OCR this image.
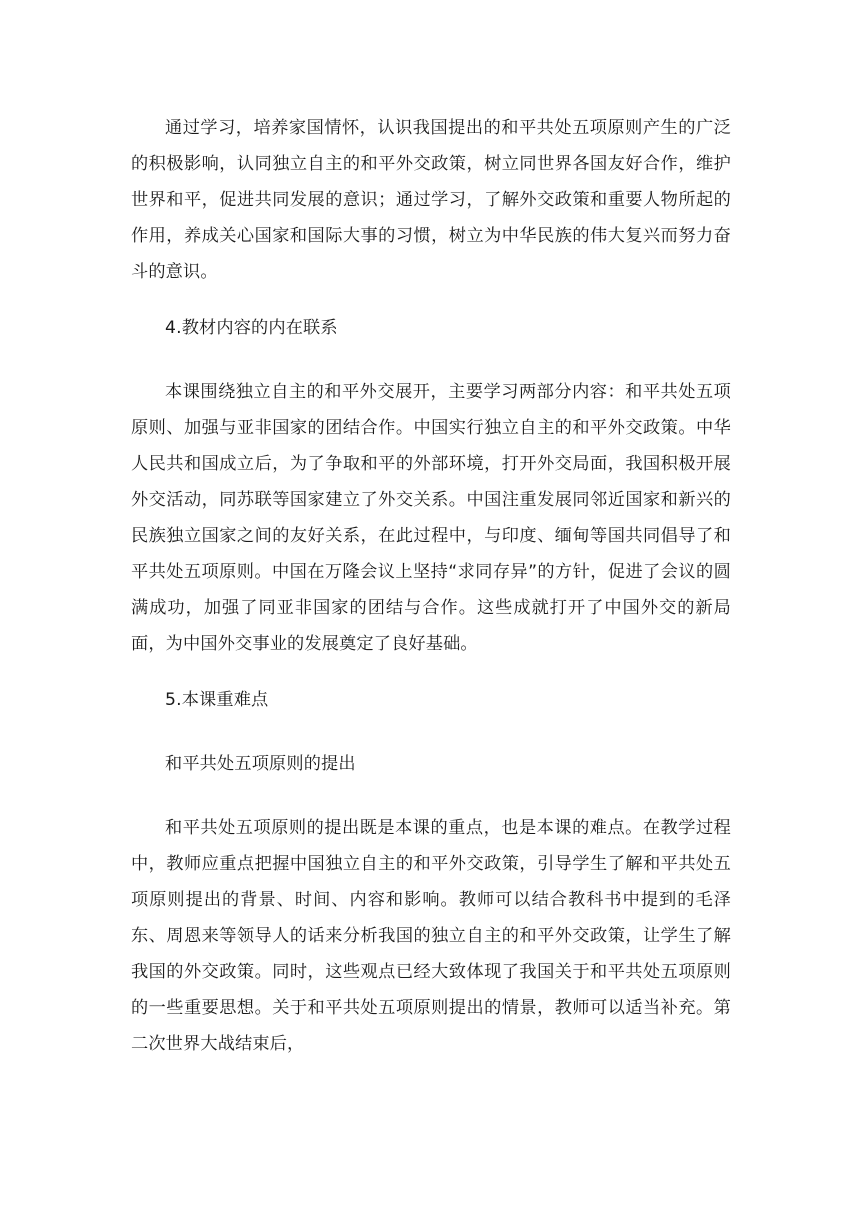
通过学习，培养家国情怀，认识我国提出的和平共处五项原则产生的广泛的积极影响，认同独立自主的和平外交政策，树立同世界各国友好合作，维护世界和平，促进共同发展的意识；通过学习，了解外交政策和重要人物所起的作用，养成关心国家和国际大事的习惯，树立为中华民族的伟大复兴而努力奋斗的意识。

4.教材内容的内在联系

本课围绕独立自主的和平外交展开，主要学习两部分内容：和平共处五项原则、加强与亚非国家的团结合作。中国实行独立自主的和平外交政策。中华人民共和国成立后，为了争取和平的外部环境，打开外交局面，我国积极开展外交活动，同苏联等国家建立了外交关系。中国注重发展同邻近国家和新兴的民族独立国家之间的友好关系，在此过程中，与印度、缅甸等国共同倡导了和平共处五项原则。中国在万隆会议上坚持“求同存异”的方针，促进了会议的圆满成功，加强了同亚非国家的团结与合作。这些成就打开了中国外交的新局面，为中国外交事业的发展奠定了良好基础。

5.本课重难点

和平共处五项原则的提出

和平共处五项原则的提出既是本课的重点，也是本课的难点。在教学过程中，教师应重点把握中国独立自主的和平外交政策，引导学生了解和平共处五项原则提出的背景、时间、内容和影响。教师可以结合教科书中提到的毛泽东、周恩来等领导人的话来分析我国的独立自主的和平外交政策，让学生了解我国的外交政策。同时，这些观点已经大致体现了我国关于和平共处五项原则的一些重要思想。关于和平共处五项原则提出的情景，教师可以适当补充。第二次世界大战结束后，
